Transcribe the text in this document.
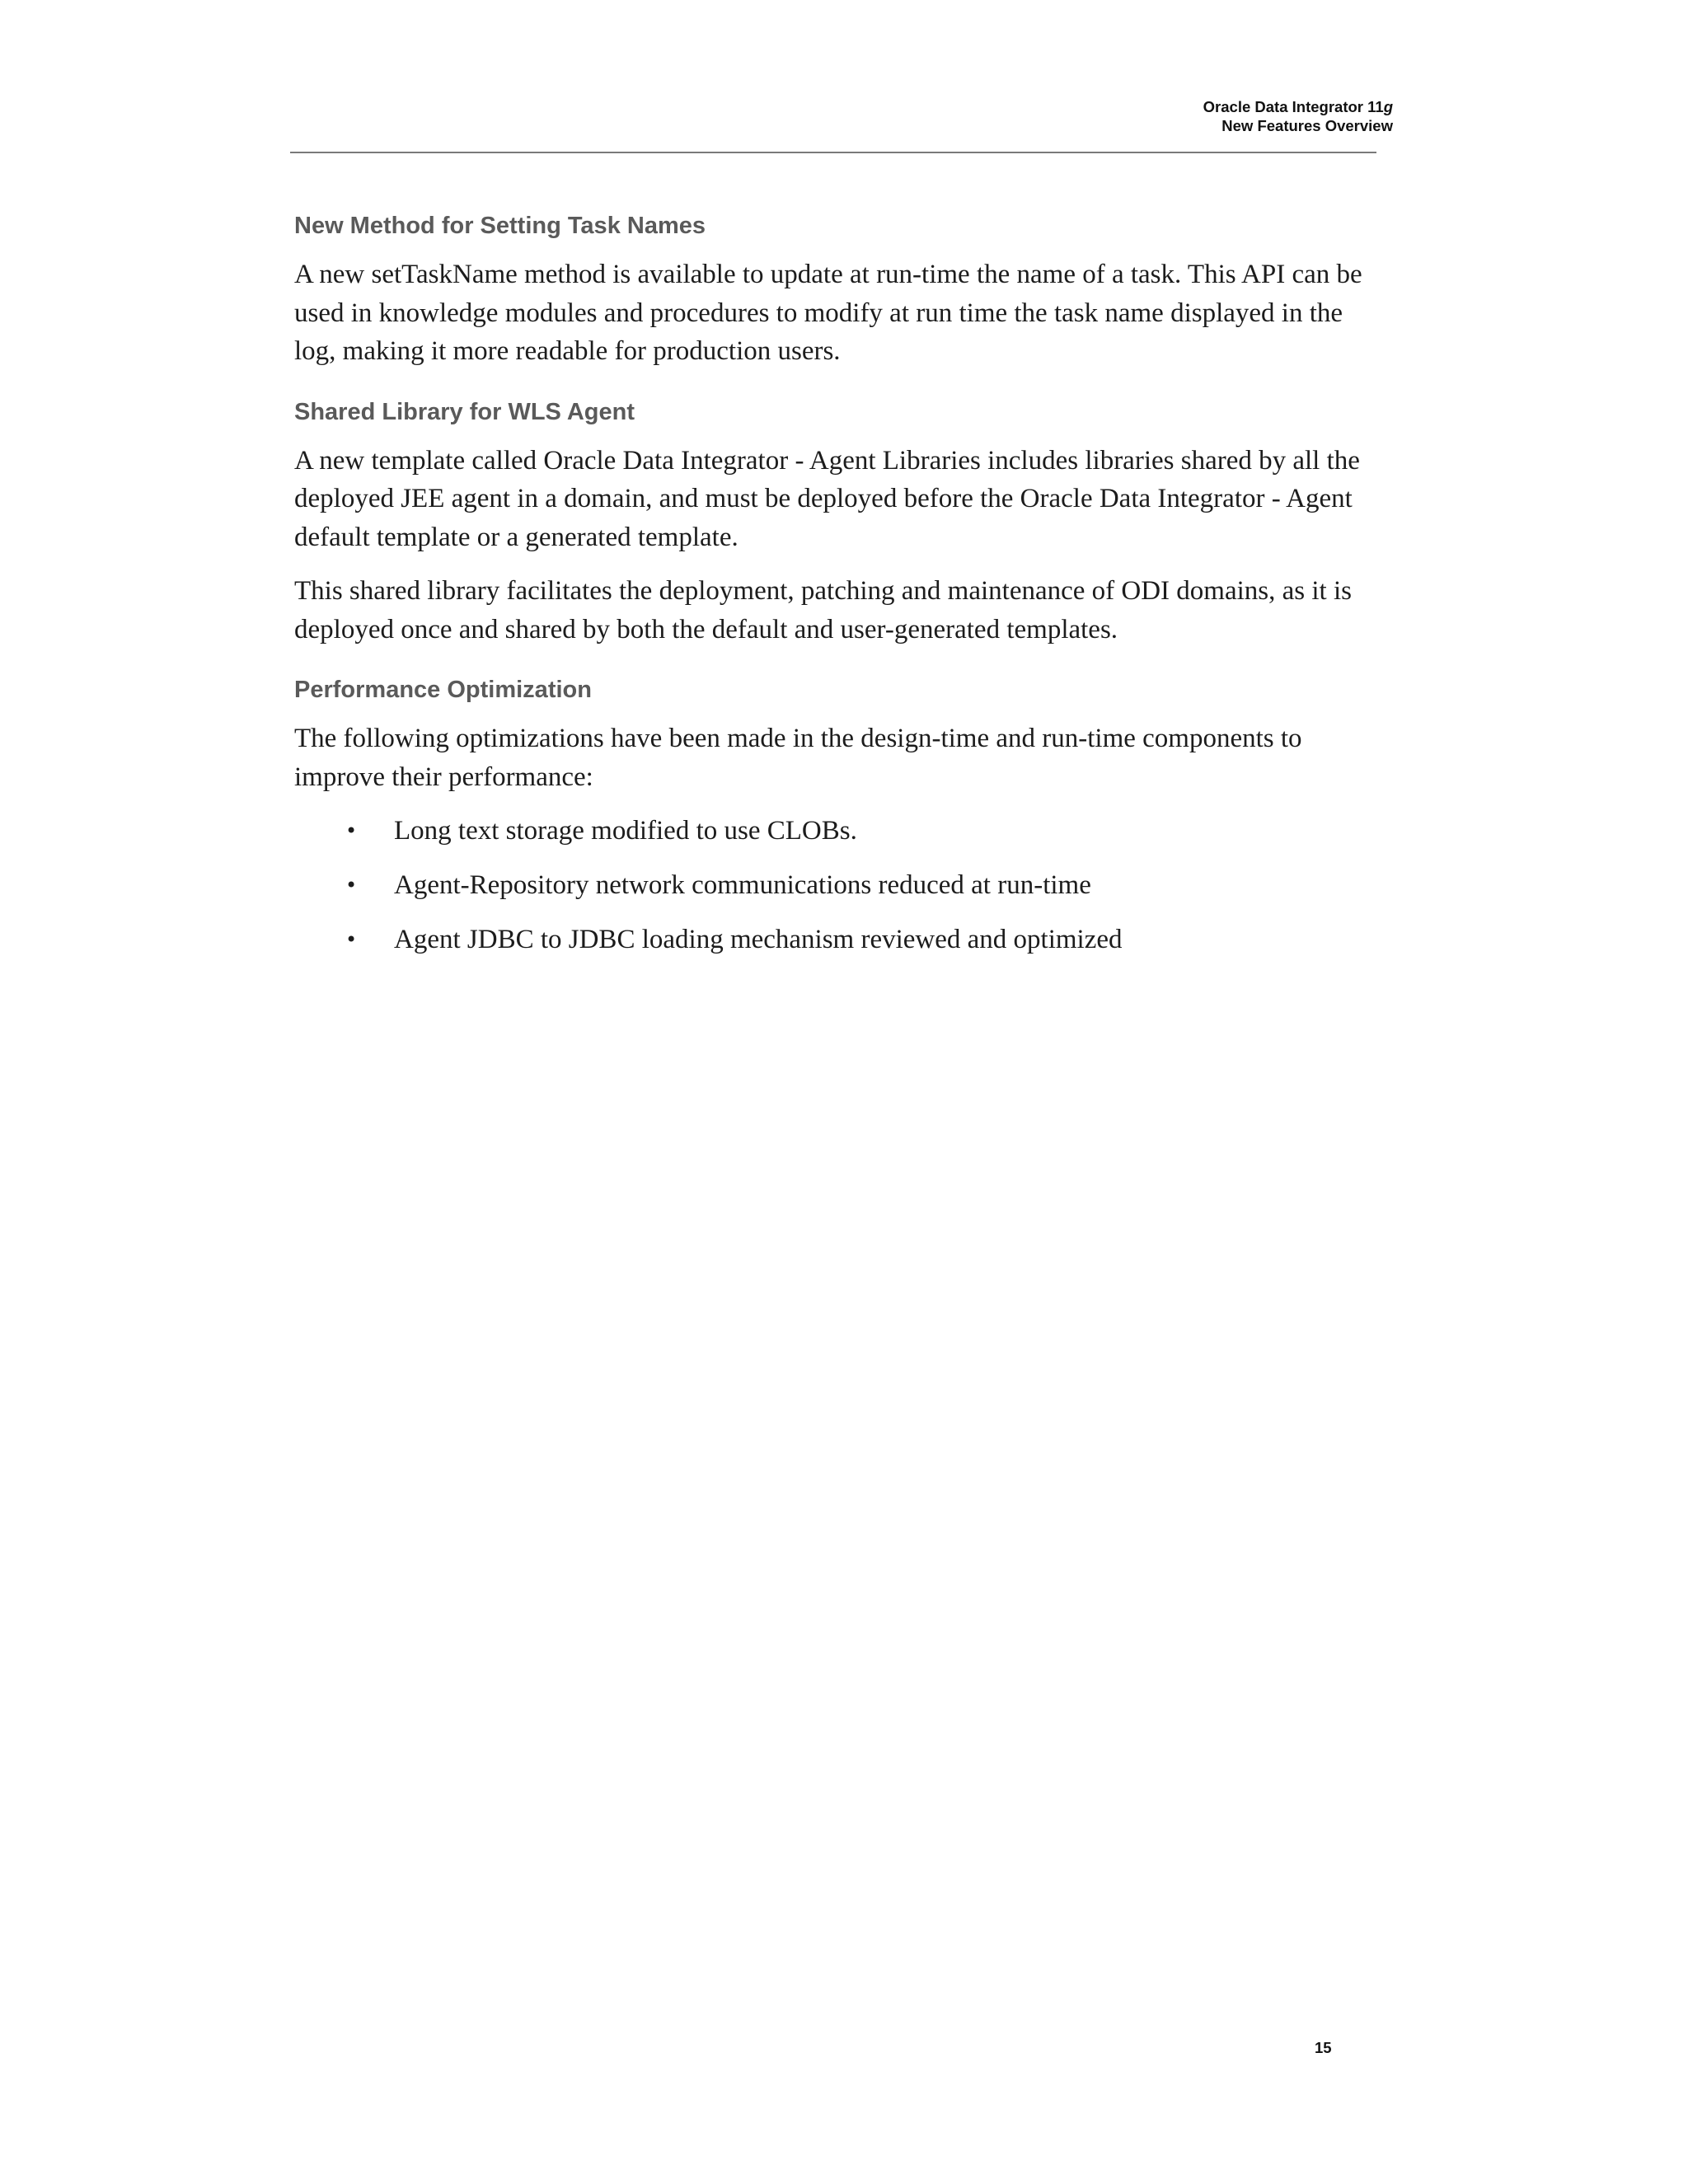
Oracle Data Integrator 11g
New Features Overview
New Method for Setting Task Names

A new setTaskName method is available to update at run-time the name of a task. This API can be used in knowledge modules and procedures to modify at run time the task name displayed in the log, making it more readable for production users.

Shared Library for WLS Agent

A new template called Oracle Data Integrator - Agent Libraries includes libraries shared by all the deployed JEE agent in a domain, and must be deployed before the Oracle Data Integrator - Agent default template or a generated template.

This shared library facilitates the deployment, patching and maintenance of ODI domains, as it is deployed once and shared by both the default and user-generated templates.

Performance Optimization

The following optimizations have been made in the design-time and run-time components to improve their performance:

• Long text storage modified to use CLOBs.
• Agent-Repository network communications reduced at run-time
• Agent JDBC to JDBC loading mechanism reviewed and optimized
15
